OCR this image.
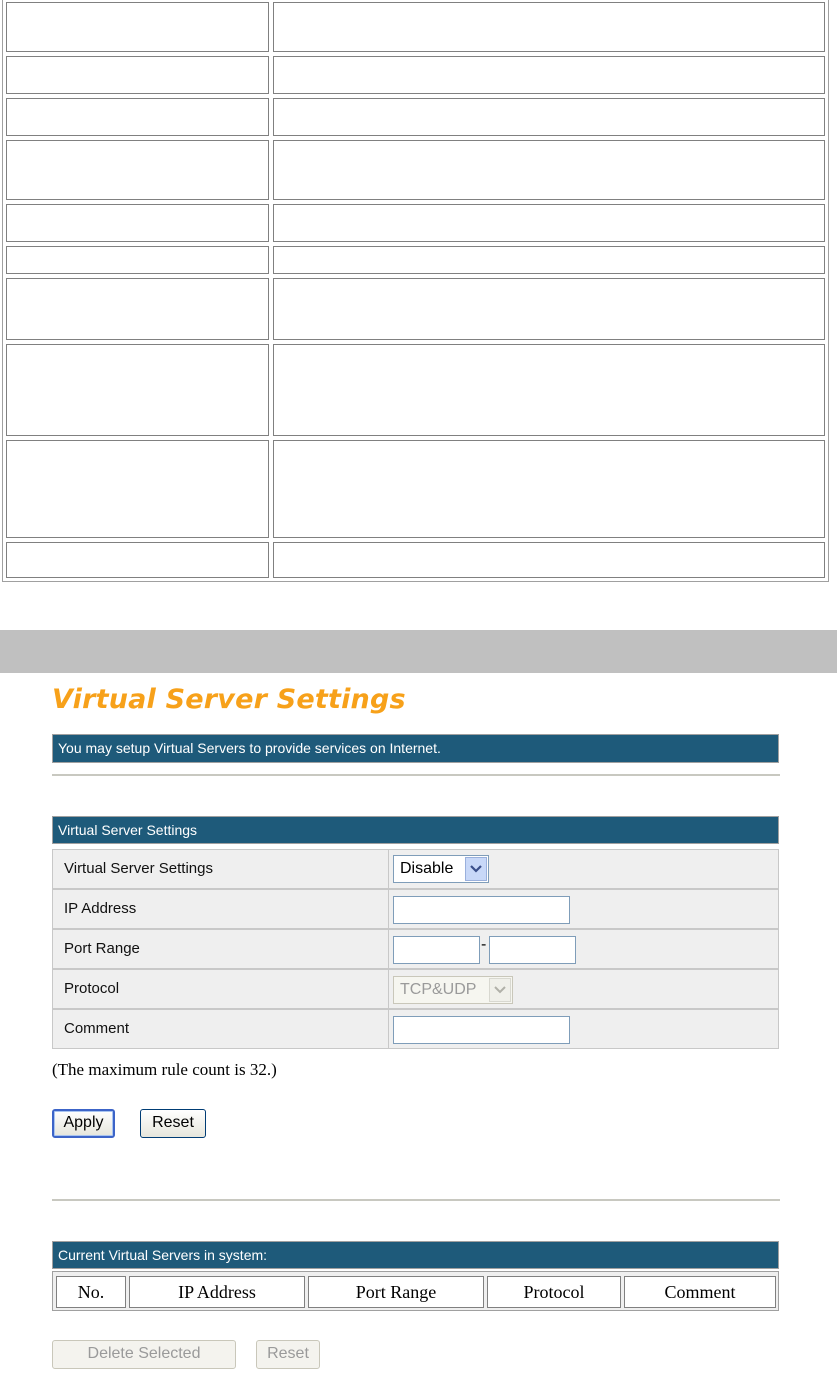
Virtual Server Settings
You may setup Virtual Servers to provide services on Internet.
Virtual Server Settings
Virtual Server Settings	Disable
IP Address
Port Range	-
Protocol	TCP&UDP
Comment
(The maximum rule count is 32.)
Apply	Reset
Current Virtual Servers in system:
No.	IP Address	Port Range	Protocol	Comment
Delete Selected	Reset
